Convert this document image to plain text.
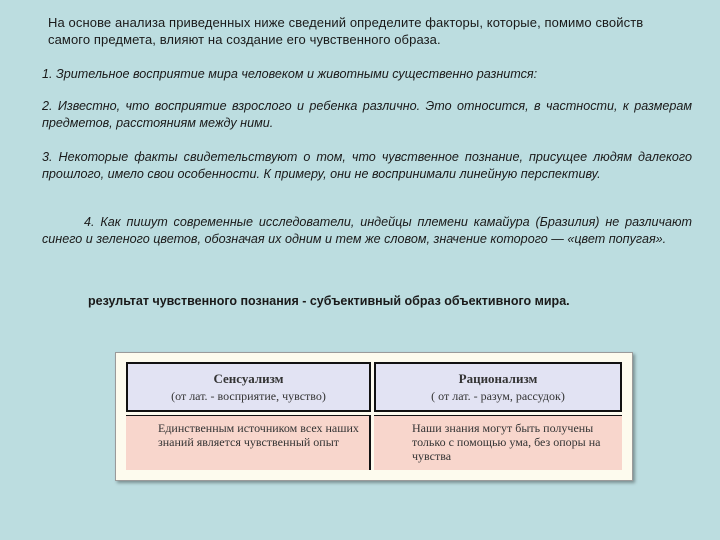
На основе анализа приведенных ниже сведений определите факторы, которые, помимо свойств самого предмета, влияют на создание его чувственного образа.
1. Зрительное восприятие мира человеком и животными существенно разнится:
2. Известно, что восприятие взрослого и ребенка различно. Это относится, в частности, к размерам предметов, расстояниям между ними.
3. Некоторые факты свидетельствуют о том, что чувственное познание, присущее людям далекого прошлого, имело свои особенности. К примеру, они не воспринимали линейную перспективу.
4. Как пишут современные исследователи, индейцы племени камайура (Бразилия) не различают синего и зеленого цветов, обозначая их одним и тем же словом, значение которого — «цвет попугая».
результат чувственного познания - субъективный образ объективного мира.
Сенсуализм
(от лат. - восприятие, чувство)
Рационализм
( от лат. - разум, рассудок)
Единственным источником всех наших знаний является чувственный опыт
Наши знания могут быть получены только с помощью ума, без опоры на чувства
